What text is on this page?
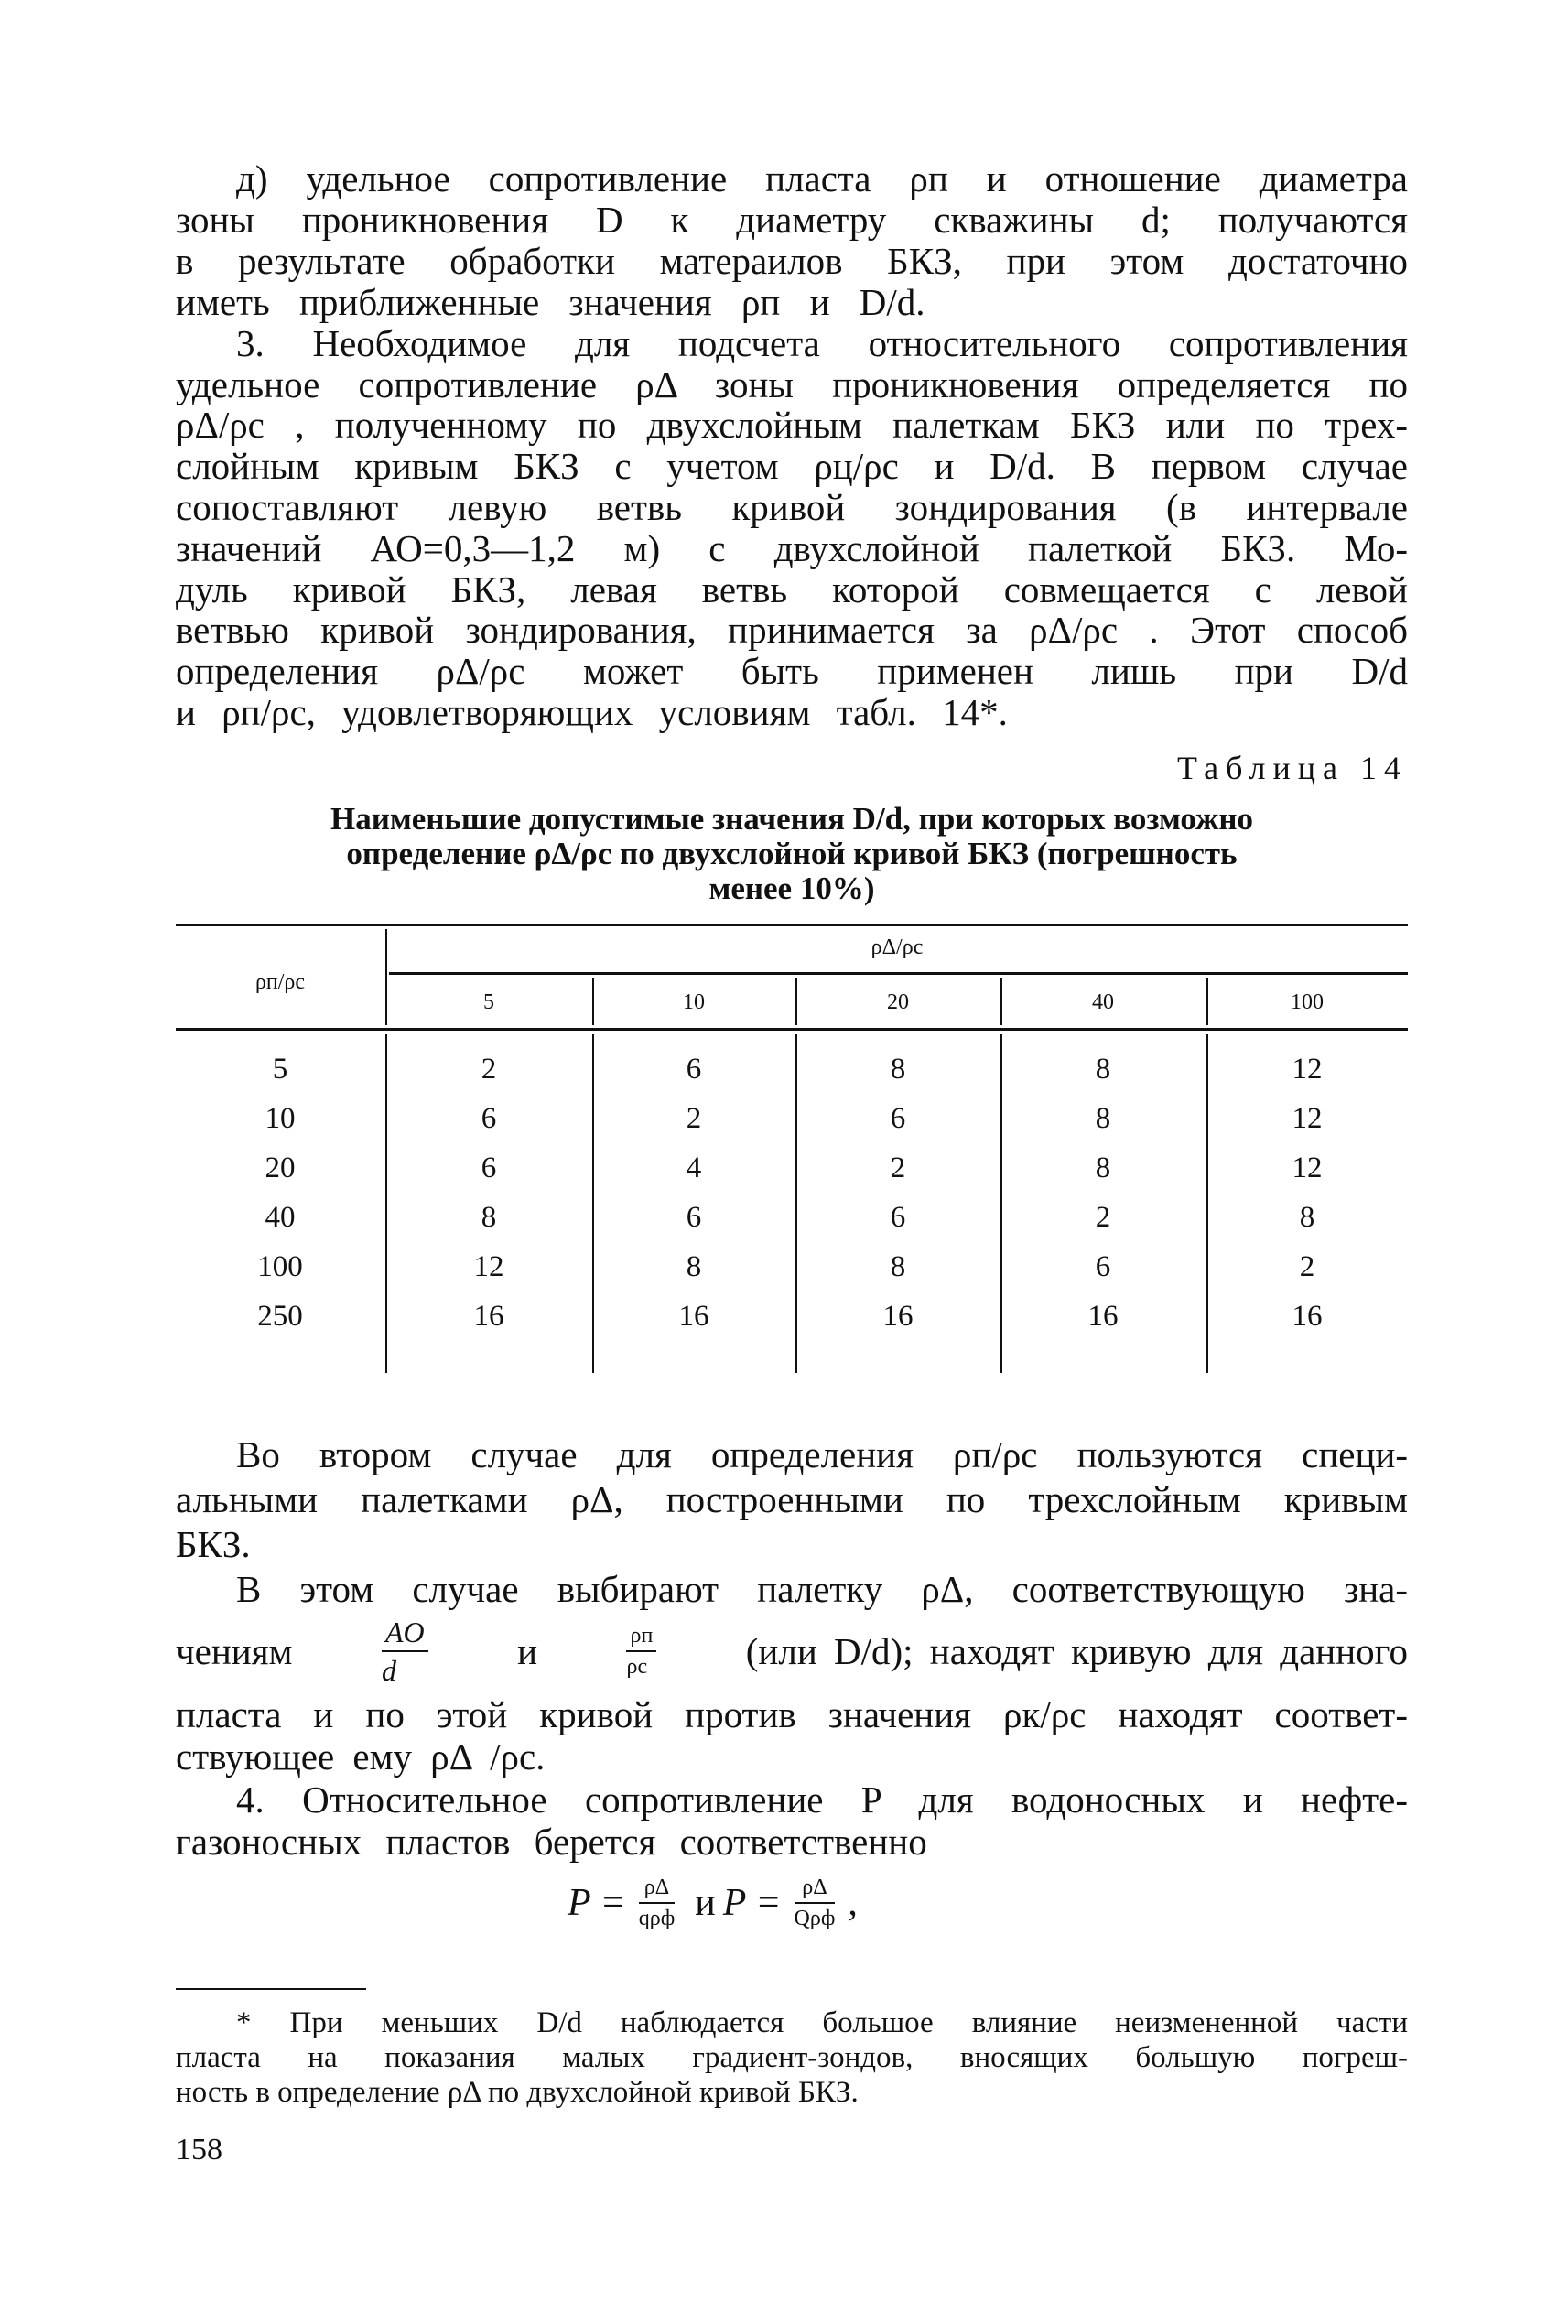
д) удельное сопротивление пласта ρп и отношение диаметра
зоны проникновения D к диаметру скважины d; получаются
в результате обработки матераилов БКЗ, при этом достаточно
иметь приближенные значения ρп и D/d.
3. Необходимое для подсчета относительного сопротивления
удельное сопротивление ρΔ зоны проникновения определяется по
ρΔ/ρс , полученному по двухслойным палеткам БКЗ или по трех-
слойным кривым БКЗ с учетом ρц/ρс и D/d. В первом случае
сопоставляют левую ветвь кривой зондирования (в интервале
значений АО=0,3—1,2 м) с двухслойной палеткой БКЗ. Мо-
дуль кривой БКЗ, левая ветвь которой совмещается с левой
ветвью кривой зондирования, принимается за ρΔ/ρс . Этот способ
определения ρΔ/ρс может быть применен лишь при D/d
и ρп/ρс, удовлетворяющих условиям табл. 14*.
Таблица 14
Наименьшие допустимые значения D/d, при которых возможно
определение ρΔ/ρс по двухслойной кривой БКЗ (погрешность
менее 10%)
ρп/ρс
ρΔ/ρс
5	10	20	40	100
5	2	6	8	8	12
10	6	2	6	8	12
20	6	4	2	8	12
40	8	6	6	2	8
100	12	8	8	6	2
250	16	16	16	16	16
Во втором случае для определения ρп/ρс пользуются специ-
альными палетками ρΔ, построенными по трехслойным кривым
БКЗ.
В этом случае выбирают палетку ρΔ, соответствующую зна-
чениям	$\frac{AO}{d}$ и	$\frac{\rho п}{\rho с} (или$ D/d); находят кривую для данного
пласта и по этой кривой против значения ρк/ρс находят соответ-
ствующее ему ρΔ /ρс.
4. Относительное сопротивление P для водоносных и нефте-
газоносных пластов берется соответственно
$P = \frac{\rho\Delta}{\text{qρф}}$ и $P = \frac{\rho\Delta}{\text{Qρф}}$ ,
* При меньших D/d наблюдается большое влияние неизмененной части
пласта на показания малых градиент-зондов, вносящих большую погреш-
ность в определение ρΔ по двухслойной кривой БКЗ.
158
